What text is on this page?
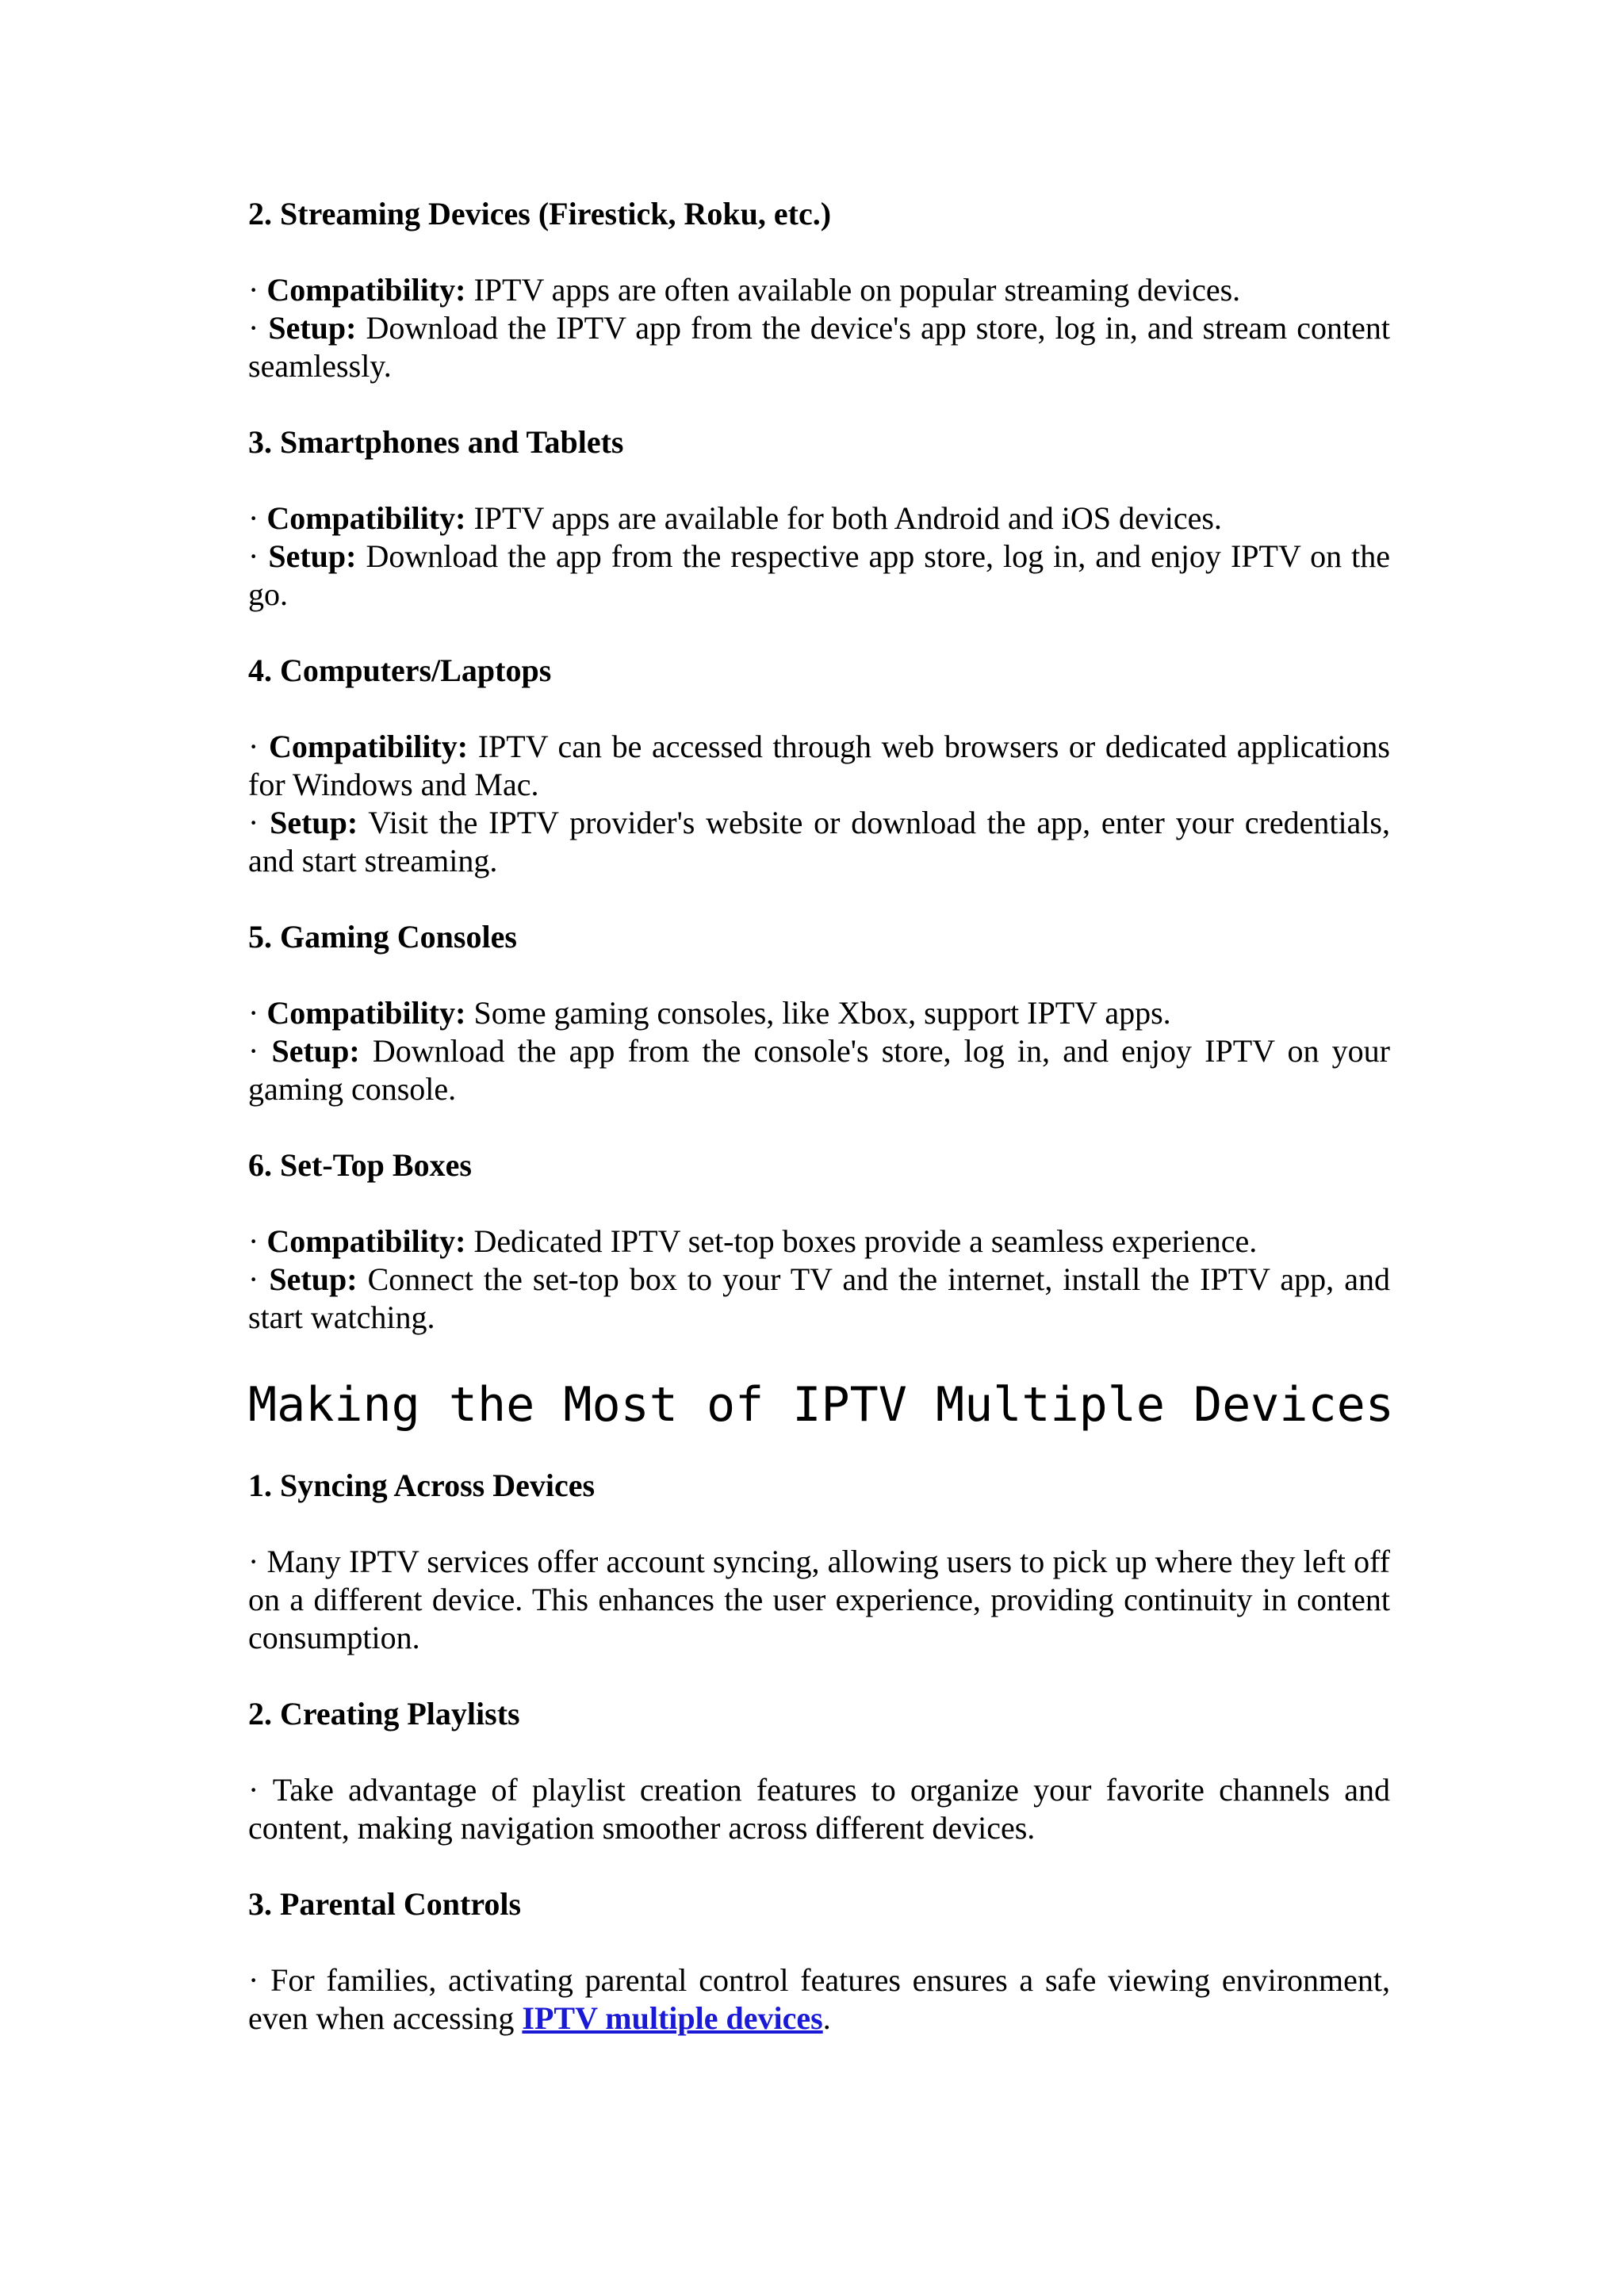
2. Streaming Devices (Firestick, Roku, etc.)

· Compatibility: IPTV apps are often available on popular streaming devices.

· Setup: Download the IPTV app from the device's app store, log in, and stream content seamlessly.

3. Smartphones and Tablets

· Compatibility: IPTV apps are available for both Android and iOS devices.

· Setup: Download the app from the respective app store, log in, and enjoy IPTV on the go.

4. Computers/Laptops

· Compatibility: IPTV can be accessed through web browsers or dedicated applications for Windows and Mac.

· Setup: Visit the IPTV provider's website or download the app, enter your credentials, and start streaming.

5. Gaming Consoles

· Compatibility: Some gaming consoles, like Xbox, support IPTV apps.

· Setup: Download the app from the console's store, log in, and enjoy IPTV on your gaming console.

6. Set-Top Boxes

· Compatibility: Dedicated IPTV set-top boxes provide a seamless experience.

· Setup: Connect the set-top box to your TV and the internet, install the IPTV app, and start watching.

Making the Most of IPTV Multiple Devices
1. Syncing Across Devices

· Many IPTV services offer account syncing, allowing users to pick up where they left off on a different device. This enhances the user experience, providing continuity in content consumption.

2. Creating Playlists

· Take advantage of playlist creation features to organize your favorite channels and content, making navigation smoother across different devices.

3. Parental Controls

· For families, activating parental control features ensures a safe viewing environment, even when accessing IPTV multiple devices.
